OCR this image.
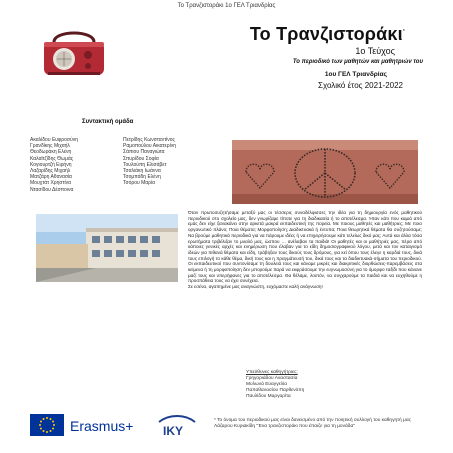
Το Τρανζιστοράκι 1ο ΓΕΛ Τριανδρίας
Το Τρανζιστοράκι*
1ο Τεύχος
Το περιοδικό των μαθητών και μαθητριών του
1ου ΓΕΛ Τριανδρίας
Σχολικό έτος 2021-2022
Συντακτική ομάδα
Ακαλίδου Ευφροσύνη
Γρανδίκης Μιχαήλ
Θεοδωράκη Ελένη
Καλαϊτζίδης Θωμάς
Κογιουρτζή Ειρήνη
Λαζαρίδης Μιχαήλ
Ματζάρη Αθανασία
Μουχτάτ Χρηστίνα
Ντασίδου Δέσποινα
Πετρίδης Κωνσταντίνος
Ραμοπούλου Αικατερίνη
Σάπιου Παναγιώτα
Σπυρίδου Σοφία
Τουλούπη Ελισάβετ
Τσαλιάκη Ιωάννα
Τσομπάδη Ελένη
Τσόρου Μαρία

Όταν πρωτοσυζητήσαμε μεταξύ μας οι τέσσερις συναδέλφισσες την ιδέα για τη δημιουργία ενός μαθητικού περιοδικού στο σχολείο μας, δεν γνωρίζαμε τίποτε για τη διαδικασία ή το αποτέλεσμα. Ήταν κάτι που καμιά από εμάς δεν είχε ξανακάνει στην αρκετά μακρά εκπαιδευτική της πορεία. Με ποιους μαθητές και μαθήτριες; Με ποιο οργανωτικό πλάνο; Ποια θέματα; Μορφοποίηση; Διαδικτυακά ή έντυπα; Ποια θεωρητικά θέματα θα συζητούσαμε; Να βρούμε μαθητικά περιοδικά για να πάρουμε ιδέες ή να επιχειρήσουμε κάτι τελείως δικό μας; Αυτά και άλλα τόσα ερωτήματα τριβέλιζαν το μυαλό μας, ώσπου … ανέλαβαν τα παιδιά! Οι μαθητές και οι μαθήτριές μας, πέρα από κάποιες γενικές αρχές και ενημέρωση που έλαβαν για το είδη δημοσιογραφικού λόγου, μετά και τον καταιγισμό ιδεών για πιθανά θέματα και είδη, τράβηξαν τους δικούς τους δρόμους, για κεί όπου τους έλεγε η καρδιά τους, δικά τους επιλογή το κάθε θέμα, δική τους και η πραγμάτευσή του, δικά τους και τα διαδικτυακά-σήματα του περιοδικού. Οι εκπαιδευτικοί που συντονίσαμε τη δουλειά τους και κάναμε μικρές και διακριτικές διορθώσεις-παρεμβάσεις στα κείμενα ή τη μορφοποίηση δεν μπορούμε παρά να εκφράσουμε την ευγνωμοσύνη για το όμορφο ταξίδι που κάνανε μαζί τους και υπερήφανες για το αποτέλεσμα. Θα θέλαμε, λοιπόν, να συγχαρούμε τα παιδιά και να ευχηθούμε η προσπάθεια τους να έχει συνέχεια.

Σε εσένα, αγαπημένε μας αναγνώστη, ευχόμαστε καλή ανάγνωση!

Υπεύθυνες καθηγήτριες:
Γρηγοριάδου Αναστασία
Μυλωνά Ευαγγελία
Παπαθανασίου Παρθενόπη
Παυλίδου Μαργαρίτα
Erasmus+ IKY
* Το όνομα του περιοδικού μας είναι δανεισμένο από την ποιητική συλλογή του καθηγητή μας Λάζαρου Κυριακίδη "Ένα τρανζιστοράκι που έπαιζε για τη μονάδα"
